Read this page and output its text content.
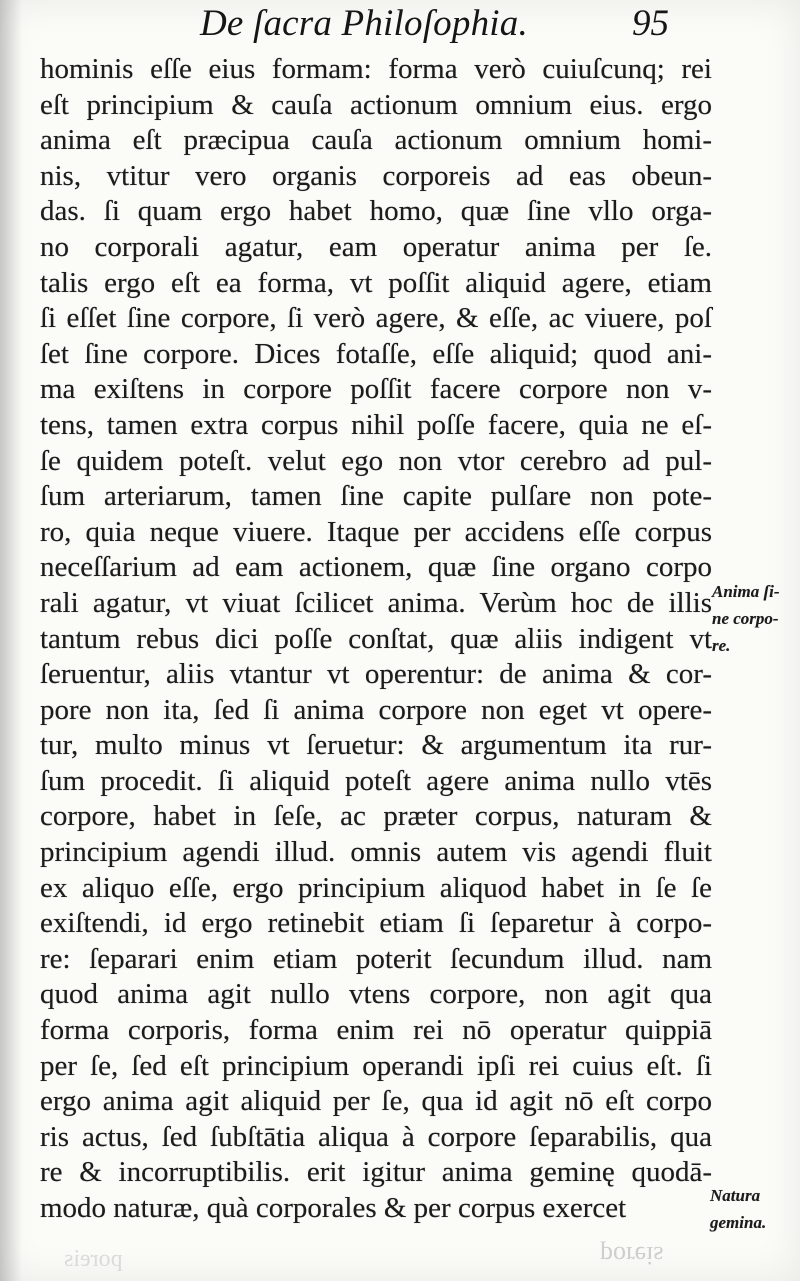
De ſacra Philoſophia.	95
hominis eſſe eius formam: forma verò cuiuſcunq; rei
eſt principium & cauſa actionum omnium eius. ergo
anima eſt præcipua cauſa actionum omnium homi-
nis, vtitur vero organis corporeis ad eas obeun-
das. ſi quam ergo habet homo, quæ ſine vllo orga-
no corporali agatur, eam operatur anima per ſe.
talis ergo eſt ea forma, vt poſſit aliquid agere, etiam
ſi eſſet ſine corpore, ſi verò agere, & eſſe, ac viuere, poſ
ſet ſine corpore. Dices fotaſſe, eſſe aliquid; quod ani-
ma exiſtens in corpore poſſit facere corpore non v-
tens, tamen extra corpus nihil poſſe facere, quia ne eſ-
ſe quidem poteſt. velut ego non vtor cerebro ad pul-
ſum arteriarum, tamen ſine capite pulſare non pote-
ro, quia neque viuere. Itaque per accidens eſſe corpus
neceſſarium ad eam actionem, quæ ſine organo corpo
rali agatur, vt viuat ſcilicet anima. Verùm hoc de illis
tantum rebus dici poſſe conſtat, quæ aliis indigent vt
ſeruentur, aliis vtantur vt operentur: de anima & cor-
pore non ita, ſed ſi anima corpore non eget vt opere-
tur, multo minus vt ſeruetur: & argumentum ita rur-
ſum procedit. ſi aliquid poteſt agere anima nullo vtēs
corpore, habet in ſeſe, ac præter corpus, naturam &
principium agendi illud. omnis autem vis agendi fluit
ex aliquo eſſe, ergo principium aliquod habet in ſe ſe
exiſtendi, id ergo retinebit etiam ſi ſeparetur à corpo-
re: ſeparari enim etiam poterit ſecundum illud. nam
quod anima agit nullo vtens corpore, non agit qua
forma corporis, forma enim rei nō operatur quippiā
per ſe, ſed eſt principium operandi ipſi rei cuius eſt. ſi
ergo anima agit aliquid per ſe, qua id agit nō eſt corpo
ris actus, ſed ſubſtātia aliqua à corpore ſeparabilis, qua
re & incorruptibilis. erit igitur anima geminę quodā-
modo naturæ, quà corporales & per corpus exercet
Anima ſi-
ne corpo-
re.
Natura
gemina.
poreis
poreis
